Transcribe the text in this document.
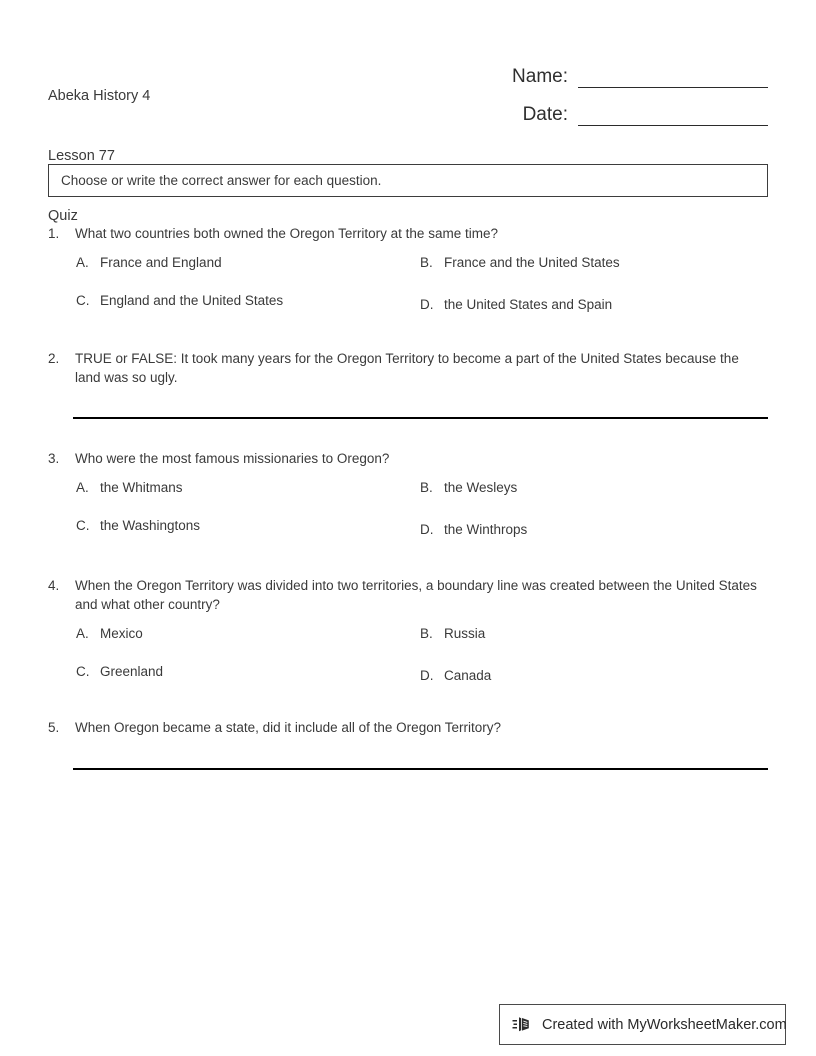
Abeka History 4

Lesson 77

Quiz

Name:
Date:
Choose or write the correct answer for each question.
1.	What two countries both owned the Oregon Territory at the same time?
A. France and England	B. France and the United States
C. England and the United States	D. the United States and Spain
2.	TRUE or FALSE: It took many years for the Oregon Territory to become a part of the United States because the land was so ugly.
3.	Who were the most famous missionaries to Oregon?
A. the Whitmans	B. the Wesleys
C. the Washingtons	D. the Winthrops
4.	When the Oregon Territory was divided into two territories, a boundary line was created between the United States and what other country?
A. Mexico	B. Russia
C. Greenland	D. Canada
5.	When Oregon became a state, did it include all of the Oregon Territory?
Created with MyWorksheetMaker.com
